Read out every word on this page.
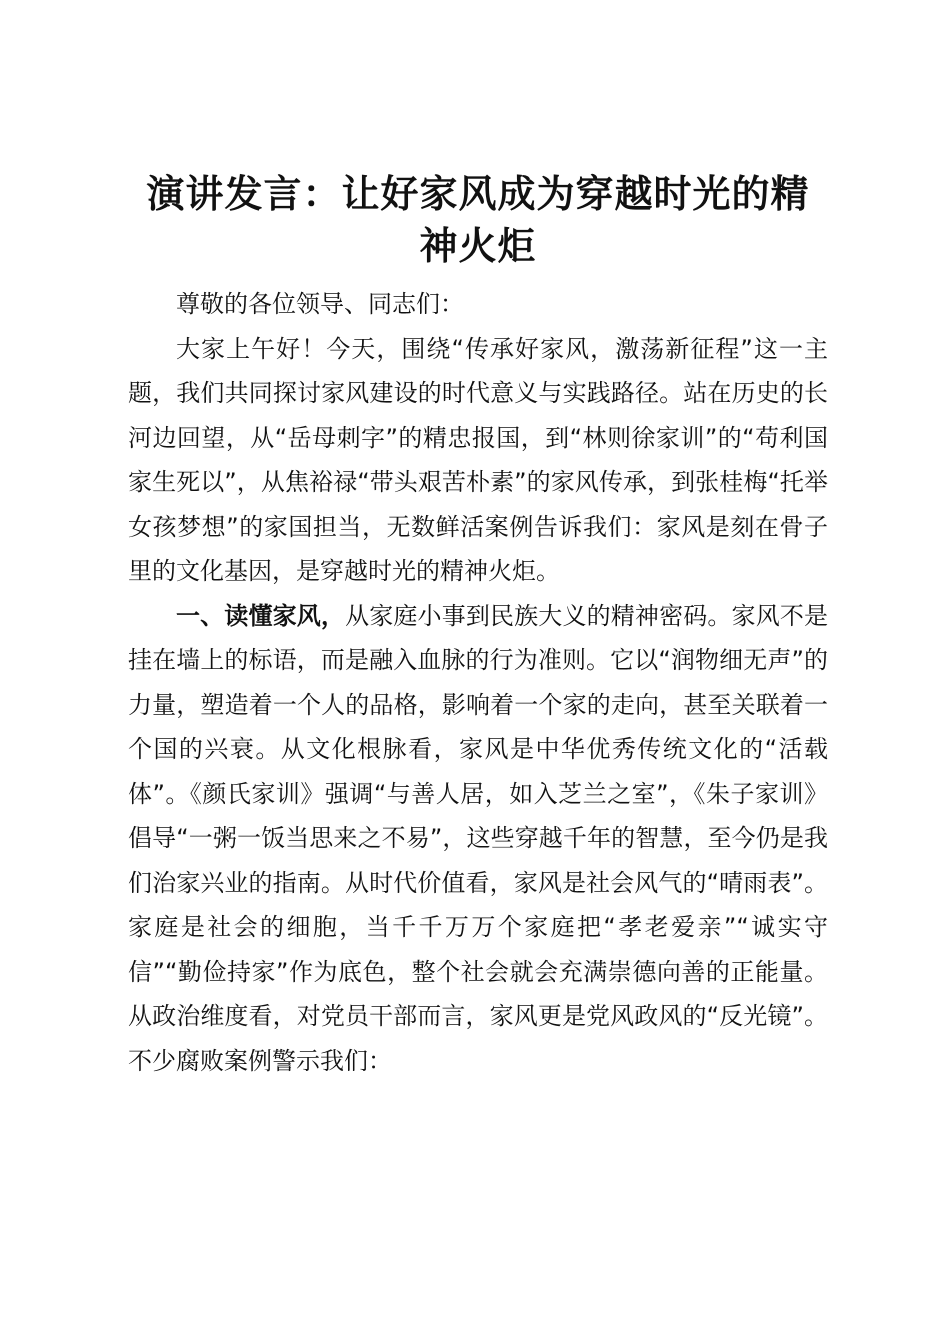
演讲发言：让好家风成为穿越时光的精神火炬

尊敬的各位领导、同志们：

大家上午好！今天，围绕“传承好家风，激荡新征程”这一主题，我们共同探讨家风建设的时代意义与实践路径。站在历史的长河边回望，从“岳母刺字”的精忠报国，到“林则徐家训”的“苟利国家生死以”，从焦裕禄“带头艰苦朴素”的家风传承，到张桂梅“托举女孩梦想”的家国担当，无数鲜活案例告诉我们：家风是刻在骨子里的文化基因，是穿越时光的精神火炬。

一、读懂家风，从家庭小事到民族大义的精神密码。家风不是挂在墙上的标语，而是融入血脉的行为准则。它以“润物细无声”的力量，塑造着一个人的品格，影响着一个家的走向，甚至关联着一个国的兴衰。从文化根脉看，家风是中华优秀传统文化的“活载体”。《颜氏家训》强调“与善人居，如入芝兰之室”，《朱子家训》倡导“一粥一饭当思来之不易”，这些穿越千年的智慧，至今仍是我们治家兴业的指南。从时代价值看，家风是社会风气的“晴雨表”。家庭是社会的细胞，当千千万万个家庭把“孝老爱亲”“诚实守信”“勤俭持家”作为底色，整个社会就会充满崇德向善的正能量。从政治维度看，对党员干部而言，家风更是党风政风的“反光镜”。不少腐败案例警示我们：
